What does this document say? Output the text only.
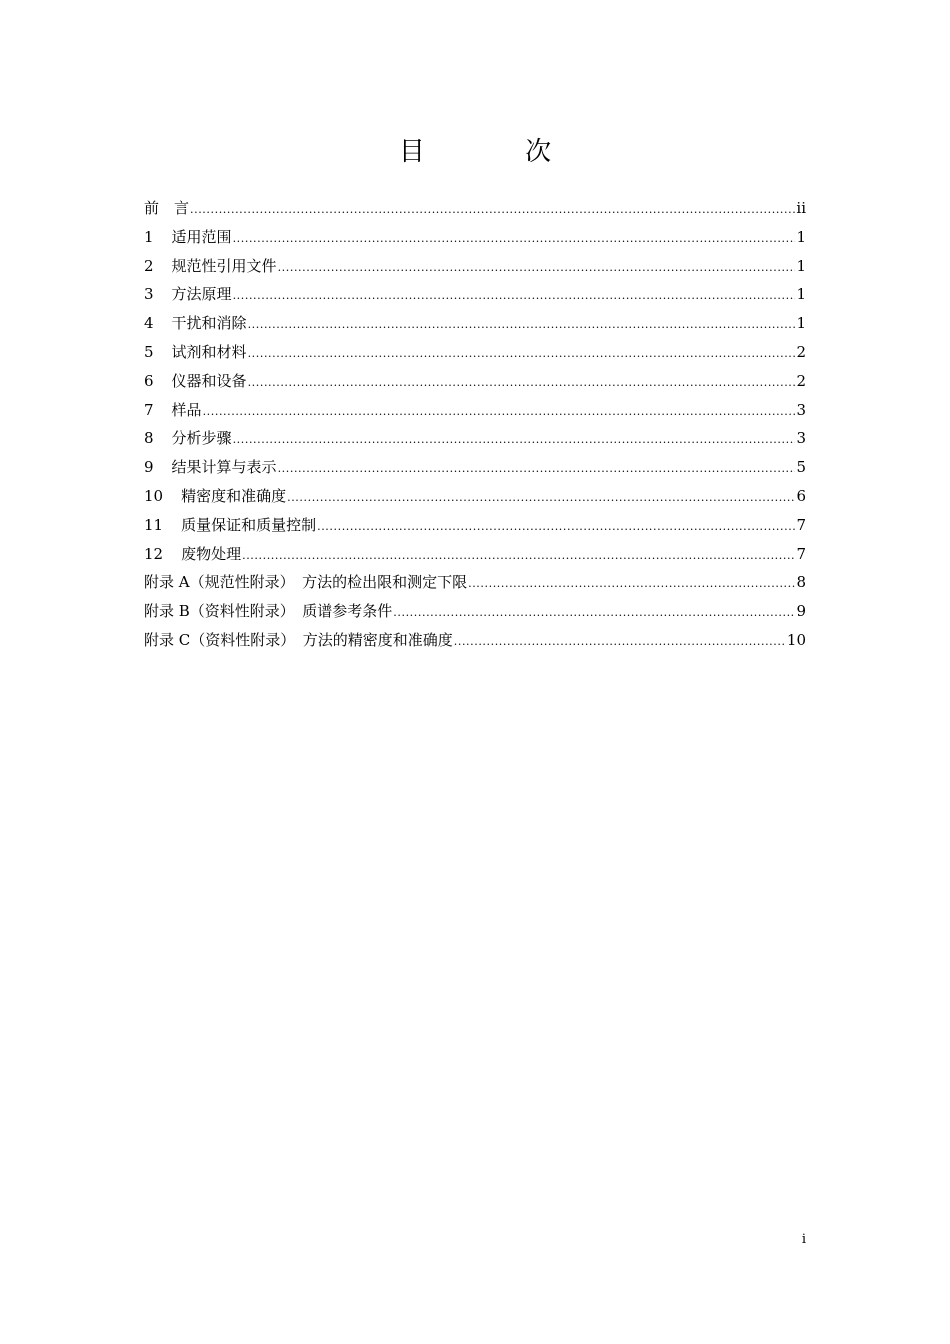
目 次
前　言 .....	ii
1 适用范围 .....	1
2 规范性引用文件 .....	1
3 方法原理 .....	1
4 干扰和消除 .....	1
5 试剂和材料 .....	2
6 仪器和设备 .....	2
7 样品 .....	3
8 分析步骤 .....	3
9 结果计算与表示 .....	5
10 精密度和准确度 .....	6
11 质量保证和质量控制 .....	7
12 废物处理 .....	7
附录 A（规范性附录）　方法的检出限和测定下限 .....	8
附录 B（资料性附录）　质谱参考条件 .....	9
附录 C（资料性附录）　方法的精密度和准确度 .....	10
i
